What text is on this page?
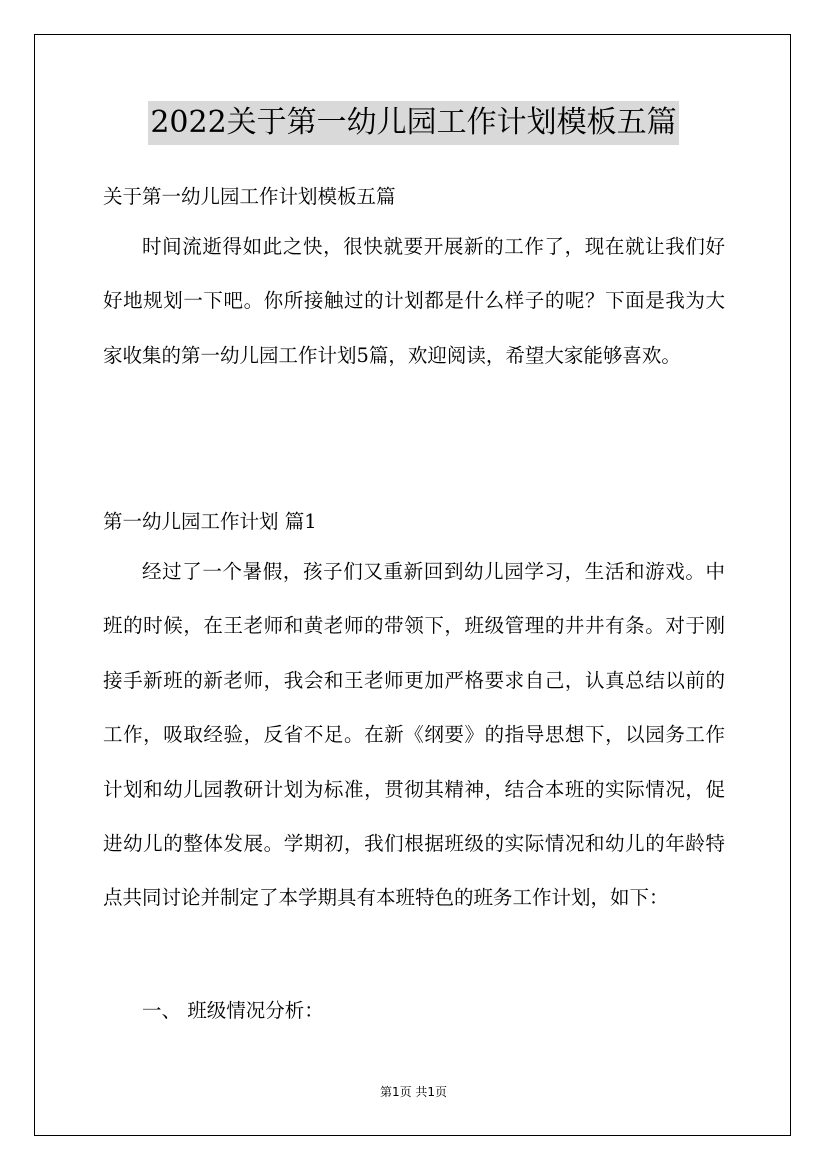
2022关于第一幼儿园工作计划模板五篇
关于第一幼儿园工作计划模板五篇
时间流逝得如此之快，很快就要开展新的工作了，现在就让我们好好地规划一下吧。你所接触过的计划都是什么样子的呢？下面是我为大家收集的第一幼儿园工作计划5篇，欢迎阅读，希望大家能够喜欢。
第一幼儿园工作计划 篇1
经过了一个暑假，孩子们又重新回到幼儿园学习，生活和游戏。中班的时候，在王老师和黄老师的带领下，班级管理的井井有条。对于刚接手新班的新老师，我会和王老师更加严格要求自己，认真总结以前的工作，吸取经验，反省不足。在新《纲要》的指导思想下，以园务工作计划和幼儿园教研计划为标准，贯彻其精神，结合本班的实际情况，促进幼儿的整体发展。学期初，我们根据班级的实际情况和幼儿的年龄特点共同讨论并制定了本学期具有本班特色的班务工作计划，如下：
一、 班级情况分析：
第1页 共1页
